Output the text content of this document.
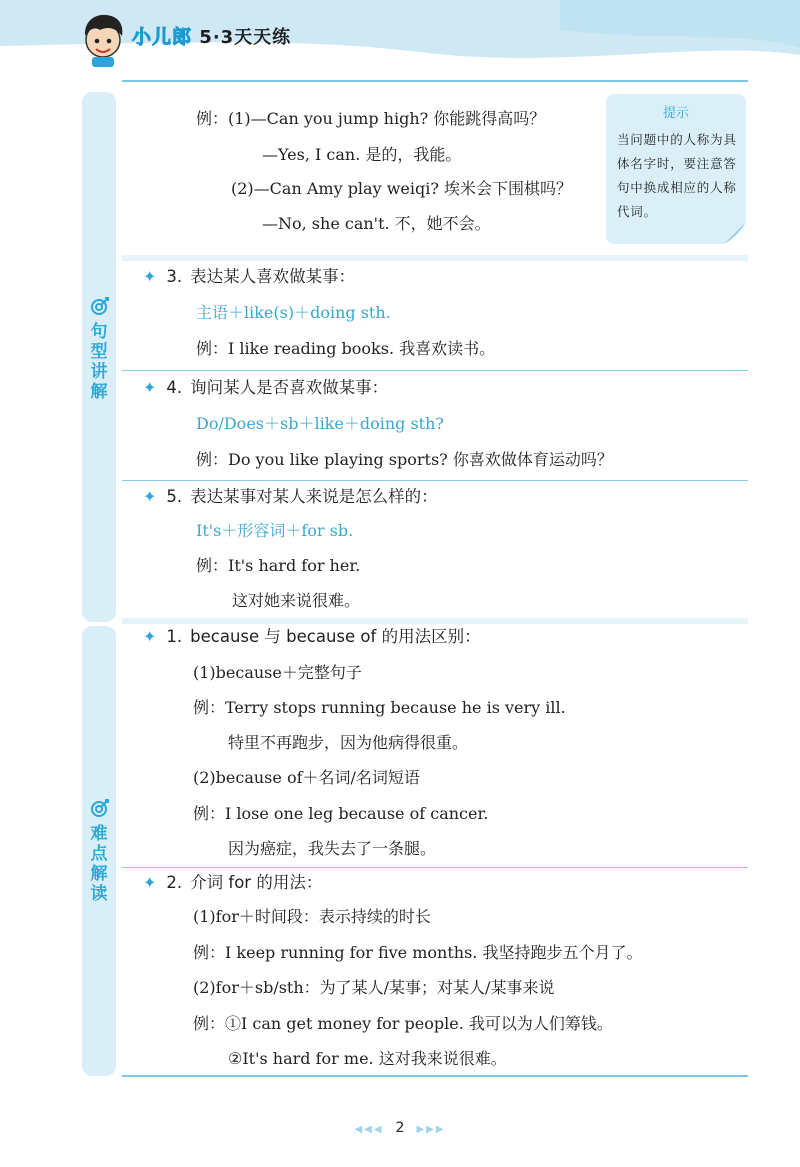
小儿郎 5·3天天练
句型讲解
难点解读
提示
当问题中的人称为具体名字时，要注意答句中换成相应的人称代词。
例：(1)—Can you jump high? 你能跳得高吗？
—Yes, I can. 是的，我能。
(2)—Can Amy play weiqi? 埃米会下围棋吗？
—No, she can't. 不，她不会。
✦ 3. 表达某人喜欢做某事：
主语＋like(s)＋doing sth.
例：I like reading books. 我喜欢读书。
✦ 4. 询问某人是否喜欢做某事：
Do/Does＋sb＋like＋doing sth?
例：Do you like playing sports? 你喜欢做体育运动吗？
✦ 5. 表达某事对某人来说是怎么样的：
It's＋形容词＋for sb.
例：It's hard for her.
这对她来说很难。
✦ 1. because 与 because of 的用法区别：
(1)because＋完整句子
例：Terry stops running because he is very ill.
特里不再跑步，因为他病得很重。
(2)because of＋名词/名词短语
例：I lose one leg because of cancer.
因为癌症，我失去了一条腿。
✦ 2. 介词 for 的用法：
(1)for＋时间段：表示持续的时长
例：I keep running for five months. 我坚持跑步五个月了。
(2)for＋sb/sth：为了某人/某事；对某人/某事来说
例：①I can get money for people. 我可以为人们筹钱。
②It's hard for me. 这对我来说很难。
◀◀◀ 2 ▶▶▶
